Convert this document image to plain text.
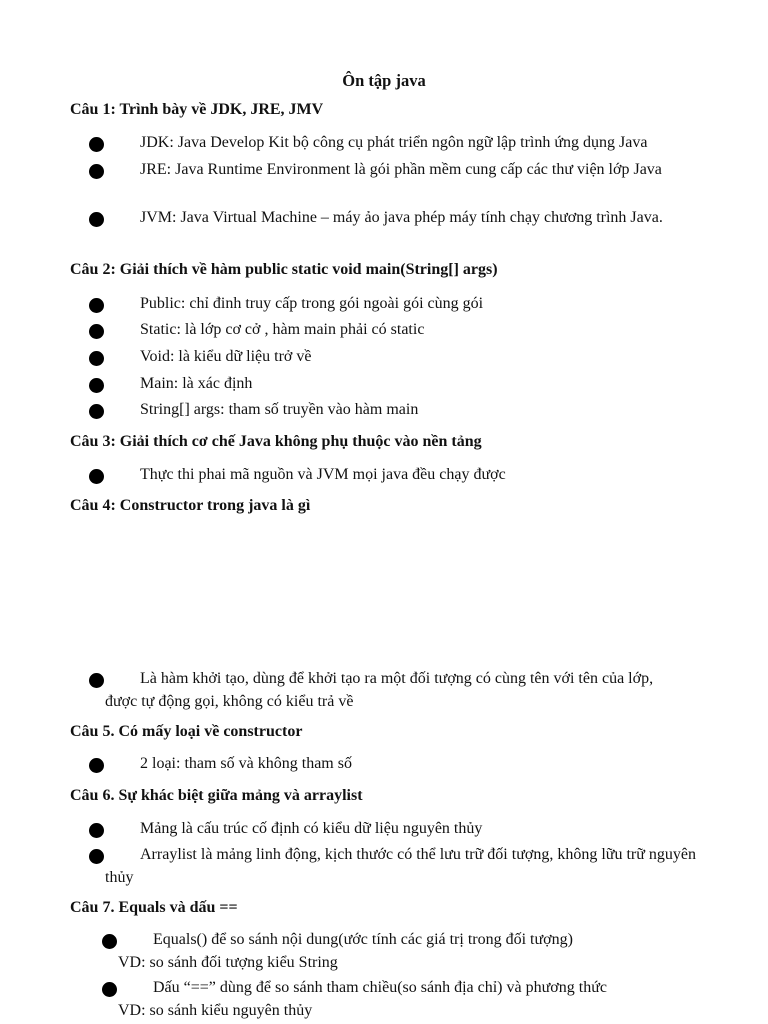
Ôn tập java
Câu 1: Trình bày về JDK, JRE, JMV
JDK: Java Develop Kit bộ công cụ phát triển ngôn ngữ lập trình ứng dụng Java
JRE: Java Runtime Environment là gói phần mềm cung cấp các thư viện lớp Java
JVM: Java Virtual Machine – máy ảo java phép máy tính chạy chương trình Java.
Câu 2: Giải thích về hàm public static void main(String[] args)
Public: chỉ đinh truy cấp trong gói ngoài gói cùng gói
Static: là lớp cơ cở , hàm main phải có static
Void: là kiểu dữ liệu trở về
Main: là xác định
String[] args: tham số truyền vào hàm main
Câu 3: Giải thích cơ chế Java không phụ thuộc vào nền tảng
Thực thi phai mã nguồn và JVM mọi java đều chạy được
Câu 4: Constructor trong java là gì
Là hàm khởi tạo, dùng để khởi tạo ra một đối tượng có cùng tên với tên của lớp, được tự động gọi, không có kiểu trả về
Câu 5. Có mấy loại về constructor
2 loại: tham số và không tham số
Câu 6. Sự khác biệt giữa mảng và arraylist
Mảng là cấu trúc cố định có kiểu dữ liệu nguyên thủy
Arraylist là mảng linh động, kịch thước có thể lưu trữ đối tượng, không lữu trữ nguyên thủy
Câu 7. Equals và dấu ==
Equals() để so sánh nội dung(ước tính các giá trị trong đối tượng)
VD: so sánh đối tượng kiểu String
Dấu “==” dùng để so sánh tham chiều(so sánh địa chỉ) và phương thức
VD: so sánh kiểu nguyên thủy
